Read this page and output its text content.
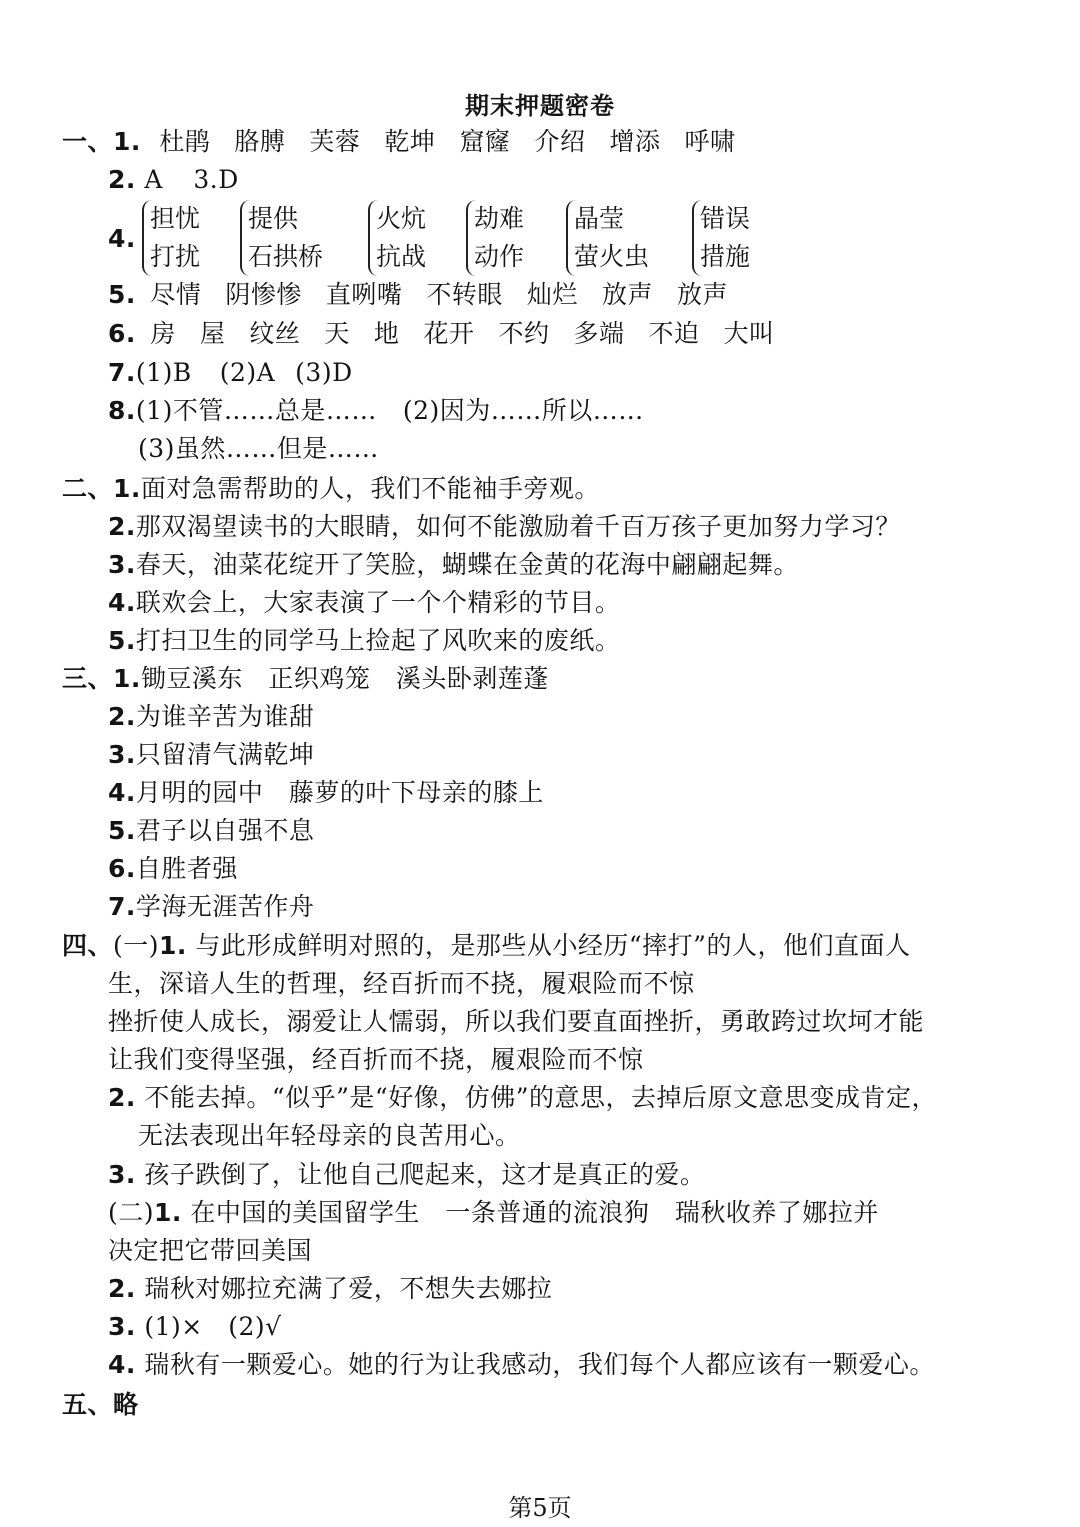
期末押题密卷
一、1. 杜鹃 胳膊 芙蓉 乾坤 窟窿 介绍 增添 呼啸
2. A 3.D
4.
担忧
打扰
提供
石拱桥
火炕
抗战
劫难
动作
晶莹
萤火虫
错误
措施
5. 尽情 阴惨惨 直咧嘴 不转眼 灿烂 放声 放声
6. 房 屋 纹丝 天 地 花开 不约 多端 不迫 大叫
7.(1)B (2)A (3)D
8.(1)不管……总是…… (2)因为……所以……
(3)虽然……但是……
二、1.面对急需帮助的人，我们不能袖手旁观。
2.那双渴望读书的大眼睛，如何不能激励着千百万孩子更加努力学习？
3.春天，油菜花绽开了笑脸，蝴蝶在金黄的花海中翩翩起舞。
4.联欢会上，大家表演了一个个精彩的节目。
5.打扫卫生的同学马上捡起了风吹来的废纸。
三、1.锄豆溪东　正织鸡笼　溪头卧剥莲蓬
2.为谁辛苦为谁甜
3.只留清气满乾坤
4.月明的园中　藤萝的叶下母亲的膝上
5.君子以自强不息
6.自胜者强
7.学海无涯苦作舟
四、(一)1. 与此形成鲜明对照的，是那些从小经历“摔打”的人，他们直面人
生，深谙人生的哲理，经百折而不挠，履艰险而不惊
挫折使人成长，溺爱让人懦弱，所以我们要直面挫折，勇敢跨过坎坷才能
让我们变得坚强，经百折而不挠，履艰险而不惊
2. 不能去掉。“似乎”是“好像，仿佛”的意思，去掉后原文意思变成肯定，
无法表现出年轻母亲的良苦用心。
3. 孩子跌倒了，让他自己爬起来，这才是真正的爱。
(二)1. 在中国的美国留学生　一条普通的流浪狗　瑞秋收养了娜拉并
决定把它带回美国
2. 瑞秋对娜拉充满了爱，不想失去娜拉
3. (1)×　(2)√
4. 瑞秋有一颗爱心。她的行为让我感动，我们每个人都应该有一颗爱心。
五、略
第5页
